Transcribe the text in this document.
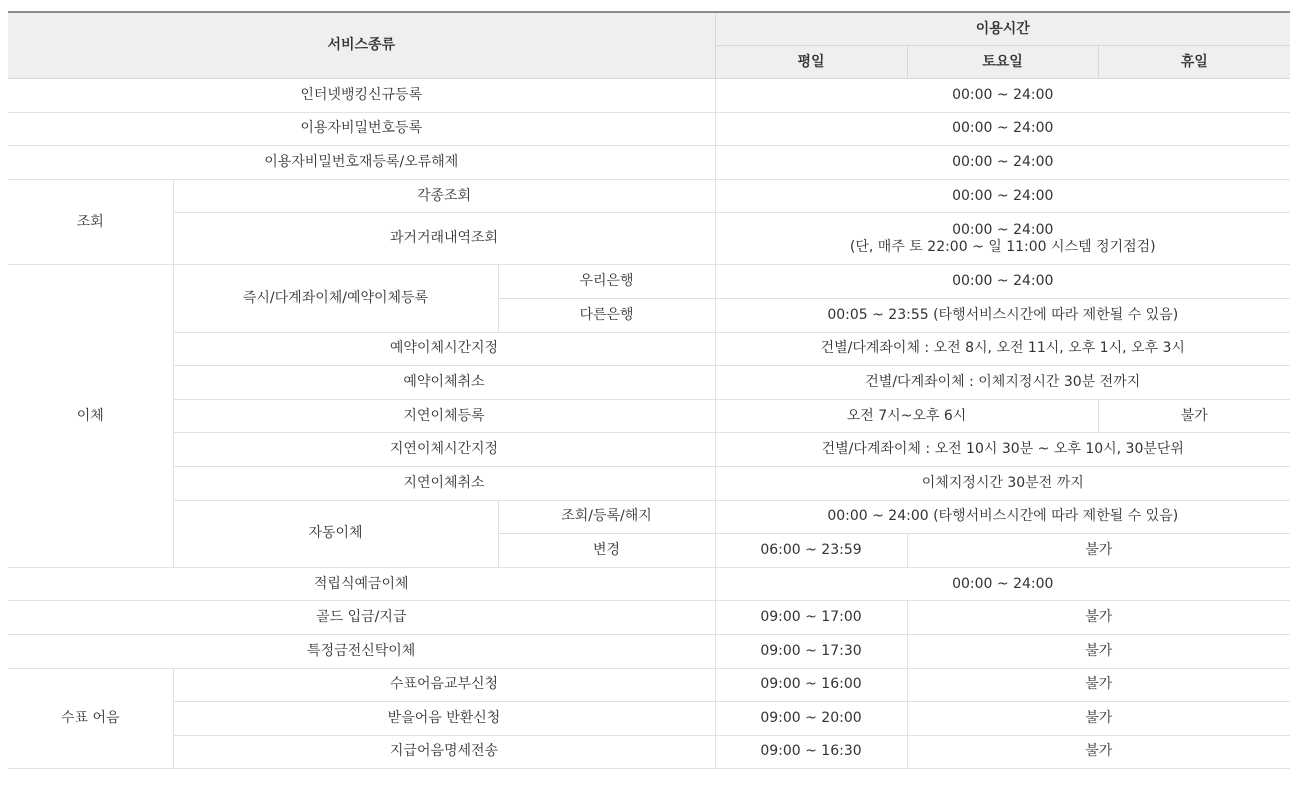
서비스종류			이용시간		
			평일	토요일	휴일
인터넷뱅킹신규등록			00:00 ~ 24:00		
이용자비밀번호등록			00:00 ~ 24:00		
이용자비밀번호재등록/오류해제			00:00 ~ 24:00		
조회	각종조회		00:00 ~ 24:00		
	과거거래내역조회		00:00 ~ 24:00
(단, 매주 토 22:00 ~ 일 11:00 시스템 정기점검)		

이체	즉시/다계좌이체/예약이체등록	우리은행	00:00 ~ 24:00		
		다른은행	00:05 ~ 23:55 (타행서비스시간에 따라 제한될 수 있음)		
	예약이체시간지정		건별/다계좌이체 : 오전 8시, 오전 11시, 오후 1시, 오후 3시		
	예약이체취소		건별/다계좌이체 : 이체지정시간 30분 전까지		
	지연이체등록		오전 7시~오후 6시		불가
	지연이체시간지정		건별/다계좌이체 : 오전 10시 30분 ~ 오후 10시, 30분단위		
	지연이체취소		이체지정시간 30분전 까지		
	자동이체	조회/등록/해지	00:00 ~ 24:00 (타행서비스시간에 따라 제한될 수 있음)		
		변경	06:00 ~ 23:59	불가	
적립식예금이체			00:00 ~ 24:00		
골드 입금/지급			09:00 ~ 17:00	불가	
특정금전신탁이체			09:00 ~ 17:30	불가	
수표 어음	수표어음교부신청		09:00 ~ 16:00	불가	
	받을어음 반환신청		09:00 ~ 20:00	불가	
	지급어음명세전송		09:00 ~ 16:30	불가	
